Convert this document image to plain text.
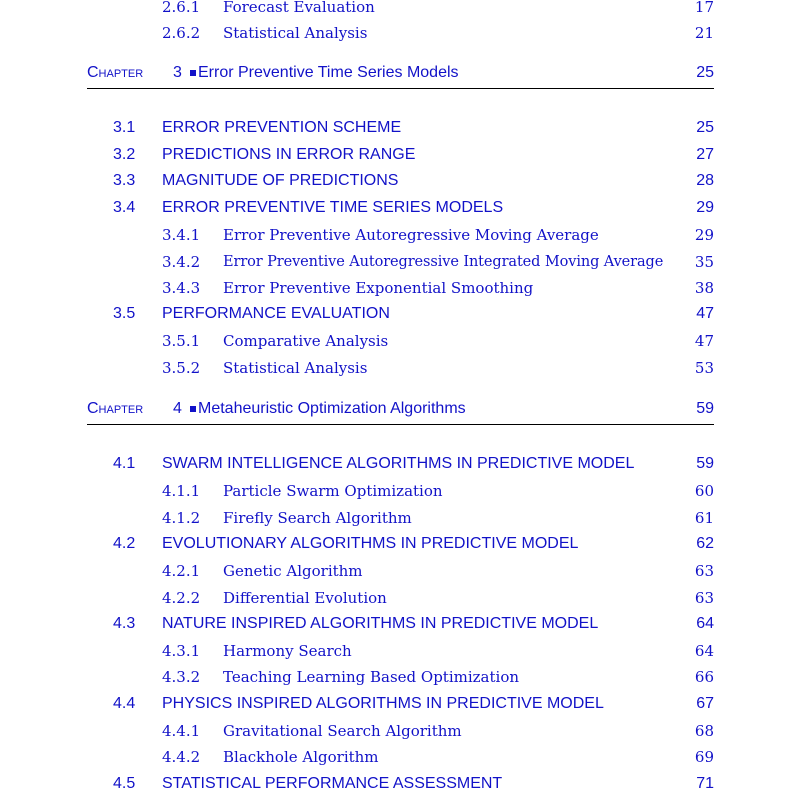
2.6.1 Forecast Evaluation	17
2.6.2 Statistical Analysis	21
Chapter 3 Error Preventive Time Series Models	25
3.1 ERROR PREVENTION SCHEME	25
3.2 PREDICTIONS IN ERROR RANGE	27
3.3 MAGNITUDE OF PREDICTIONS	28
3.4 ERROR PREVENTIVE TIME SERIES MODELS	29
3.4.1 Error Preventive Autoregressive Moving Average	29
3.4.2 Error Preventive Autoregressive Integrated Moving Average 35
3.4.3 Error Preventive Exponential Smoothing	38
3.5 PERFORMANCE EVALUATION	47
3.5.1 Comparative Analysis	47
3.5.2 Statistical Analysis	53
Chapter 4 Metaheuristic Optimization Algorithms	59
4.1 SWARM INTELLIGENCE ALGORITHMS IN PREDICTIVE MODEL	59
4.1.1 Particle Swarm Optimization	60
4.1.2 Firefly Search Algorithm	61
4.2 EVOLUTIONARY ALGORITHMS IN PREDICTIVE MODEL	62
4.2.1 Genetic Algorithm	63
4.2.2 Differential Evolution	63
4.3 NATURE INSPIRED ALGORITHMS IN PREDICTIVE MODEL	64
4.3.1 Harmony Search	64
4.3.2 Teaching Learning Based Optimization	66
4.4 PHYSICS INSPIRED ALGORITHMS IN PREDICTIVE MODEL	67
4.4.1 Gravitational Search Algorithm	68
4.4.2 Blackhole Algorithm	69
4.5 STATISTICAL PERFORMANCE ASSESSMENT	71
